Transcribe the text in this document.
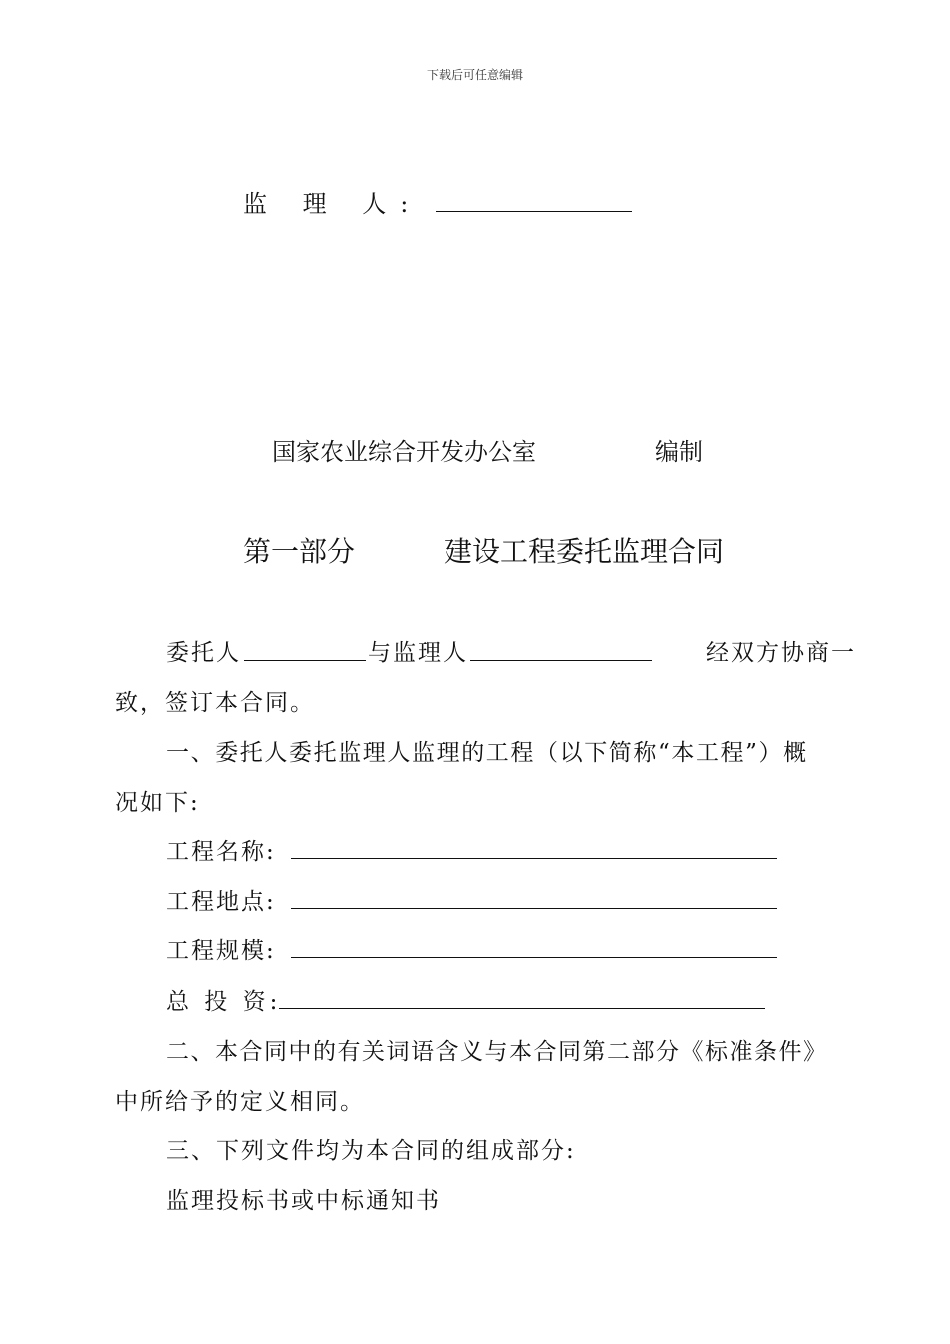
下载后可任意编辑
监 理 人:
国家农业综合开发办公室	编制
第一部分	建设工程委托监理合同
委托人	与监理人	经双方协商一
致，签订本合同。
一、委托人委托监理人监理的工程（以下简称“本工程”）概
况如下:
工程名称:
工程地点:
工程规模:
总 投 资:
二、本合同中的有关词语含义与本合同第二部分《标准条件》
中所给予的定义相同。
三、下列文件均为本合同的组成部分:
监理投标书或中标通知书
